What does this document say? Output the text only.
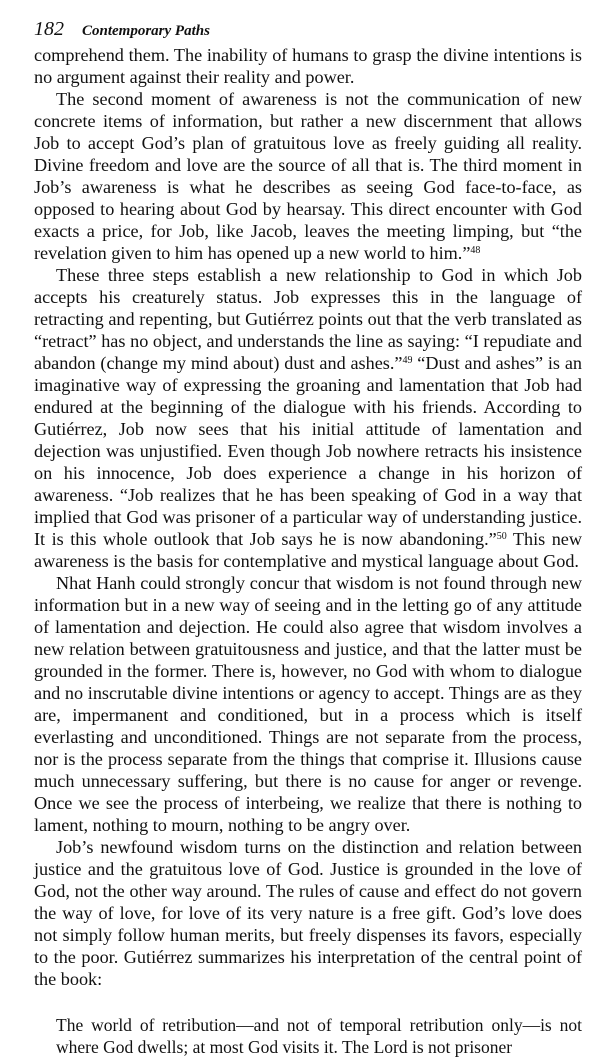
182 Contemporary Paths

comprehend them. The inability of humans to grasp the divine intentions is no argument against their reality and power.

The second moment of awareness is not the communication of new concrete items of information, but rather a new discernment that allows Job to accept God’s plan of gratuitous love as freely guiding all reality. Divine freedom and love are the source of all that is. The third moment in Job’s awareness is what he describes as seeing God face-to-face, as opposed to hearing about God by hearsay. This direct encounter with God exacts a price, for Job, like Jacob, leaves the meeting limping, but “the revelation given to him has opened up a new world to him.”$^{48}$

These three steps establish a new relationship to God in which Job accepts his creaturely status. Job expresses this in the language of retracting and repenting, but Gutiérrez points out that the verb translated as “retract” has no object, and understands the line as saying: “I repudiate and abandon (change my mind about) dust and ashes.”$^{49}$ “Dust and ashes” is an imaginative way of expressing the groaning and lamentation that Job had endured at the beginning of the dialogue with his friends. According to Gutiérrez, Job now sees that his initial attitude of lamentation and dejection was unjustified. Even though Job nowhere retracts his insistence on his innocence, Job does experience a change in his horizon of awareness. “Job realizes that he has been speaking of God in a way that implied that God was prisoner of a particular way of understanding justice. It is this whole outlook that Job says he is now abandoning.”$^{50}$ This new awareness is the basis for contemplative and mystical language about God.

Nhat Hanh could strongly concur that wisdom is not found through new information but in a new way of seeing and in the letting go of any attitude of lamentation and dejection. He could also agree that wisdom involves a new relation between gratuitousness and justice, and that the latter must be grounded in the former. There is, however, no God with whom to dialogue and no inscrutable divine intentions or agency to accept. Things are as they are, impermanent and conditioned, but in a process which is itself everlasting and unconditioned. Things are not separate from the process, nor is the process separate from the things that comprise it. Illusions cause much unnecessary suffering, but there is no cause for anger or revenge. Once we see the process of interbeing, we realize that there is nothing to lament, nothing to mourn, nothing to be angry over.

Job’s newfound wisdom turns on the distinction and relation between justice and the gratuitous love of God. Justice is grounded in the love of God, not the other way around. The rules of cause and effect do not govern the way of love, for love of its very nature is a free gift. God’s love does not simply follow human merits, but freely dispenses its favors, especially to the poor. Gutiérrez summarizes his interpretation of the central point of the book:

The world of retribution—and not of temporal retribution only—is not where God dwells; at most God visits it. The Lord is not prisoner
